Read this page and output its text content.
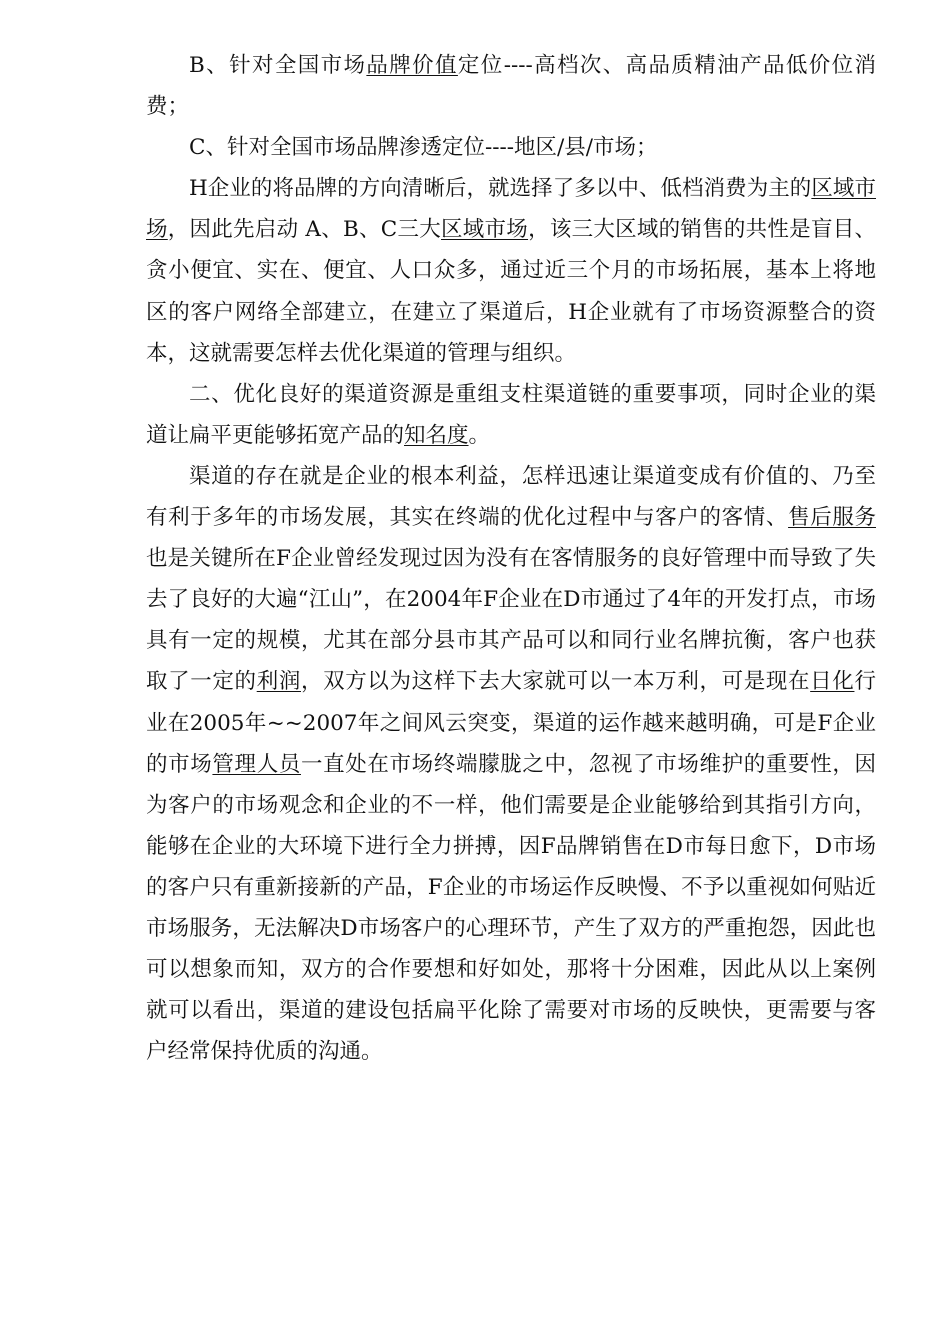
B、针对全国市场品牌价值定位----高档次、高品质精油产品低价位消费；

C、针对全国市场品牌渗透定位----地区/县/市场；

H企业的将品牌的方向清晰后，就选择了多以中、低档消费为主的区域市场，因此先启动 A、B、C三大区域市场，该三大区域的销售的共性是盲目、贪小便宜、实在、便宜、人口众多，通过近三个月的市场拓展，基本上将地区的客户网络全部建立，在建立了渠道后，H企业就有了市场资源整合的资本，这就需要怎样去优化渠道的管理与组织。

二、优化良好的渠道资源是重组支柱渠道链的重要事项，同时企业的渠道让扁平更能够拓宽产品的知名度。

渠道的存在就是企业的根本利益，怎样迅速让渠道变成有价值的、乃至有利于多年的市场发展，其实在终端的优化过程中与客户的客情、售后服务也是关键所在F企业曾经发现过因为没有在客情服务的良好管理中而导致了失去了良好的大遍“江山”，在2004年F企业在D市通过了4年的开发打点，市场具有一定的规模，尤其在部分县市其产品可以和同行业名牌抗衡，客户也获取了一定的利润，双方以为这样下去大家就可以一本万利，可是现在日化行业在2005年~~2007年之间风云突变，渠道的运作越来越明确，可是F企业的市场管理人员一直处在市场终端朦胧之中，忽视了市场维护的重要性，因为客户的市场观念和企业的不一样，他们需要是企业能够给到其指引方向，能够在企业的大环境下进行全力拼搏，因F品牌销售在D市每日愈下，D市场的客户只有重新接新的产品，F企业的市场运作反映慢、不予以重视如何贴近市场服务，无法解决D市场客户的心理环节，产生了双方的严重抱怨，因此也可以想象而知，双方的合作要想和好如处，那将十分困难，因此从以上案例就可以看出，渠道的建设包括扁平化除了需要对市场的反映快，更需要与客户经常保持优质的沟通。
